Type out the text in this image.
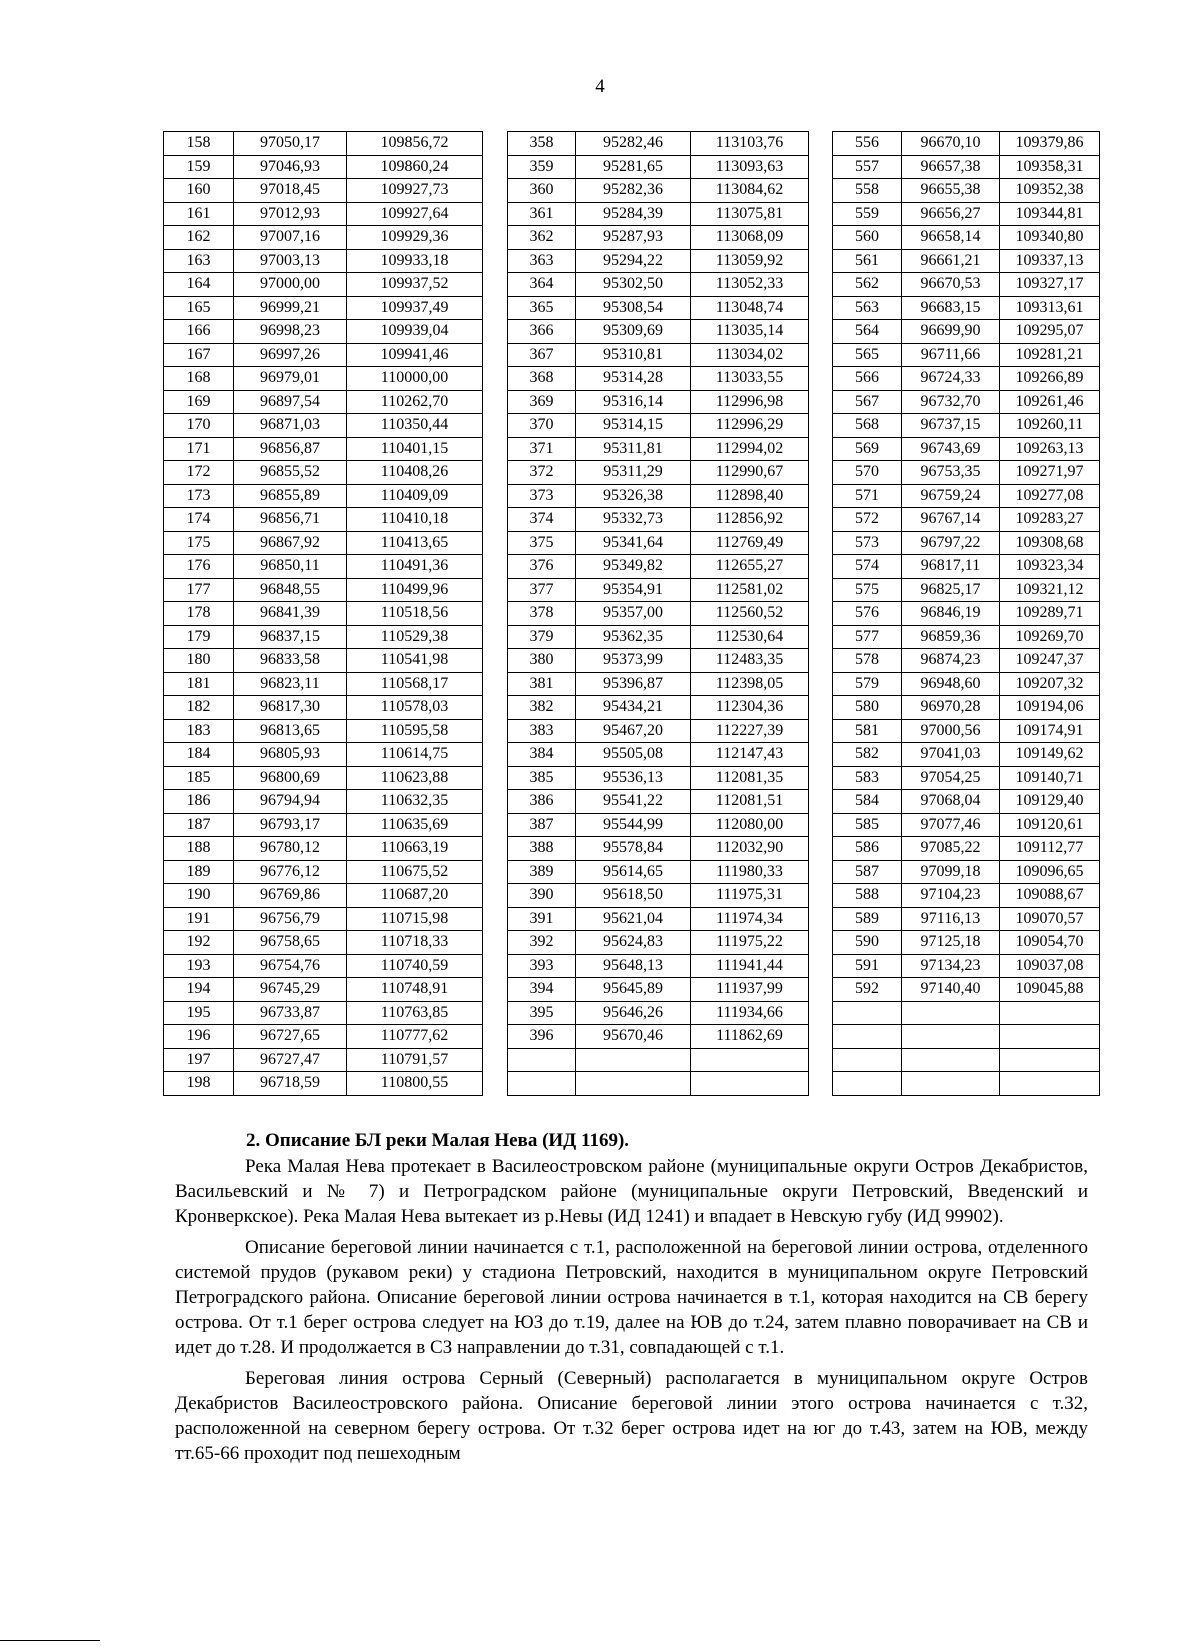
4
158	97050,17	109856,72		358	95282,46	113103,76		556	96670,10	109379,86
159	97046,93	109860,24		359	95281,65	113093,63		557	96657,38	109358,31
160	97018,45	109927,73		360	95282,36	113084,62		558	96655,38	109352,38
161	97012,93	109927,64		361	95284,39	113075,81		559	96656,27	109344,81
162	97007,16	109929,36		362	95287,93	113068,09		560	96658,14	109340,80
163	97003,13	109933,18		363	95294,22	113059,92		561	96661,21	109337,13
164	97000,00	109937,52		364	95302,50	113052,33		562	96670,53	109327,17
165	96999,21	109937,49		365	95308,54	113048,74		563	96683,15	109313,61
166	96998,23	109939,04		366	95309,69	113035,14		564	96699,90	109295,07
167	96997,26	109941,46		367	95310,81	113034,02		565	96711,66	109281,21
168	96979,01	110000,00		368	95314,28	113033,55		566	96724,33	109266,89
169	96897,54	110262,70		369	95316,14	112996,98		567	96732,70	109261,46
170	96871,03	110350,44		370	95314,15	112996,29		568	96737,15	109260,11
171	96856,87	110401,15		371	95311,81	112994,02		569	96743,69	109263,13
172	96855,52	110408,26		372	95311,29	112990,67		570	96753,35	109271,97
173	96855,89	110409,09		373	95326,38	112898,40		571	96759,24	109277,08
174	96856,71	110410,18		374	95332,73	112856,92		572	96767,14	109283,27
175	96867,92	110413,65		375	95341,64	112769,49		573	96797,22	109308,68
176	96850,11	110491,36		376	95349,82	112655,27		574	96817,11	109323,34
177	96848,55	110499,96		377	95354,91	112581,02		575	96825,17	109321,12
178	96841,39	110518,56		378	95357,00	112560,52		576	96846,19	109289,71
179	96837,15	110529,38		379	95362,35	112530,64		577	96859,36	109269,70
180	96833,58	110541,98		380	95373,99	112483,35		578	96874,23	109247,37
181	96823,11	110568,17		381	95396,87	112398,05		579	96948,60	109207,32
182	96817,30	110578,03		382	95434,21	112304,36		580	96970,28	109194,06
183	96813,65	110595,58		383	95467,20	112227,39		581	97000,56	109174,91
184	96805,93	110614,75		384	95505,08	112147,43		582	97041,03	109149,62
185	96800,69	110623,88		385	95536,13	112081,35		583	97054,25	109140,71
186	96794,94	110632,35		386	95541,22	112081,51		584	97068,04	109129,40
187	96793,17	110635,69		387	95544,99	112080,00		585	97077,46	109120,61
188	96780,12	110663,19		388	95578,84	112032,90		586	97085,22	109112,77
189	96776,12	110675,52		389	95614,65	111980,33		587	97099,18	109096,65
190	96769,86	110687,20		390	95618,50	111975,31		588	97104,23	109088,67
191	96756,79	110715,98		391	95621,04	111974,34		589	97116,13	109070,57
192	96758,65	110718,33		392	95624,83	111975,22		590	97125,18	109054,70
193	96754,76	110740,59		393	95648,13	111941,44		591	97134,23	109037,08
194	96745,29	110748,91		394	95645,89	111937,99		592	97140,40	109045,88
195	96733,87	110763,85		395	95646,26	111934,66				
196	96727,65	110777,62		396	95670,46	111862,69				
197	96727,47	110791,57								
198	96718,59	110800,55								
2. Описание БЛ реки Малая Нева (ИД 1169).

Река Малая Нева протекает в Василеостровском районе (муниципальные округи Остров Декабристов, Васильевский и № 7) и Петроградском районе (муниципальные округи Петровский, Введенский и Кронверкское). Река Малая Нева вытекает из р.Невы (ИД 1241) и впадает в Невскую губу (ИД 99902).

Описание береговой линии начинается с т.1, расположенной на береговой линии острова, отделенного системой прудов (рукавом реки) у стадиона Петровский, находится в муниципальном округе Петровский Петроградского района. Описание береговой линии острова начинается в т.1, которая находится на СВ берегу острова. От т.1 берег острова следует на ЮЗ до т.19, далее на ЮВ до т.24, затем плавно поворачивает на СВ и идет до т.28. И продолжается в СЗ направлении до т.31, совпадающей с т.1.

Береговая линия острова Серный (Северный) располагается в муниципальном округе Остров Декабристов Василеостровского района. Описание береговой линии этого острова начинается с т.32, расположенной на северном берегу острова. От т.32 берег острова идет на юг до т.43, затем на ЮВ, между тт.65-66 проходит под пешеходным
